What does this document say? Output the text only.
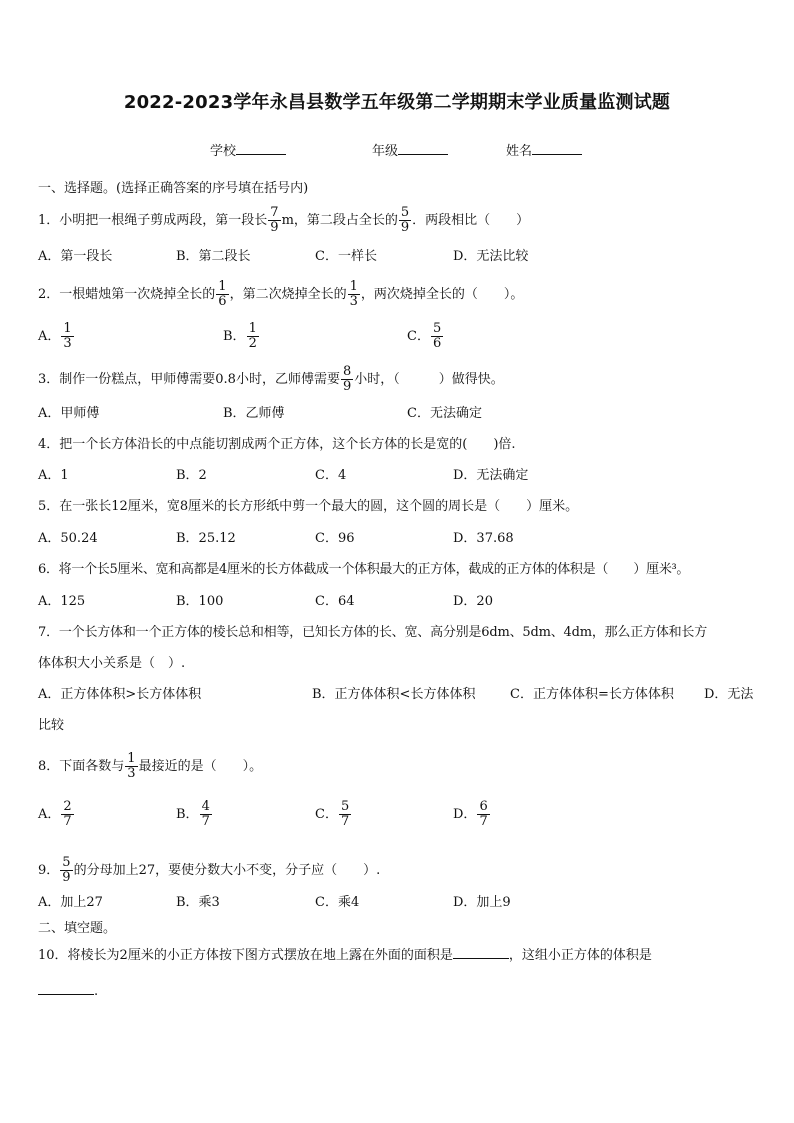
2022-2023学年永昌县数学五年级第二学期期末学业质量监测试题
学校	年级	姓名
一、选择题。(选择正确答案的序号填在括号内)
1．小明把一根绳子剪成两段，第一段长 $\frac{7}{9}$ m，第二段占全长的 $\frac{5}{9}$ ．两段相比（　　）
A．第一段长	B．第二段长	C．一样长	D．无法比较
2．一根蜡烛第一次烧掉全长的 $\frac{1}{6}$ ，第二次烧掉全长的 $\frac{1}{3}$ ，两次烧掉全长的（　　）。
A． $\frac{1}{3}$	B． $\frac{1}{2}$	C． $\frac{5}{6}$
3．制作一份糕点，甲师傅需要0.8小时，乙师傅需要 $\frac{8}{9}$ 小时，（　　　）做得快。
A．甲师傅	B．乙师傅	C．无法确定
4．把一个长方体沿长的中点能切割成两个正方体，这个长方体的长是宽的(　　)倍.
A．1	B．2	C．4	D．无法确定
5．在一张长12厘米，宽8厘米的长方形纸中剪一个最大的圆，这个圆的周长是（　　）厘米。
A．50.24	B．25.12	C．96	D．37.68
6．将一个长5厘米、宽和高都是4厘米的长方体截成一个体积最大的正方体，截成的正方体的体积是（　　）厘米³。
A．125	B．100	C．64	D．20
7．一个长方体和一个正方体的棱长总和相等，已知长方体的长、宽、高分别是6dm、5dm、4dm，那么正方体和长方
体体积大小关系是（　）.
A．正方体体积>长方体体积	B．正方体体积<长方体体积	C．正方体体积=长方体体积 D．无法
比较
8．下面各数与 $\frac{1}{3}$ 最接近的是（　　）。
A． $\frac{2}{7}$	B． $\frac{4}{7}$	C． $\frac{5}{7}$	D． $\frac{6}{7}$
9． $\frac{5}{9}$ 的分母加上27，要使分数大小不变，分子应（　　）.
A．加上27	B．乘3	C．乘4	D．加上9
二、填空题。
10．将棱长为2厘米的小正方体按下图方式摆放在地上露在外面的面积是	，这组小正方体的体积是
.
